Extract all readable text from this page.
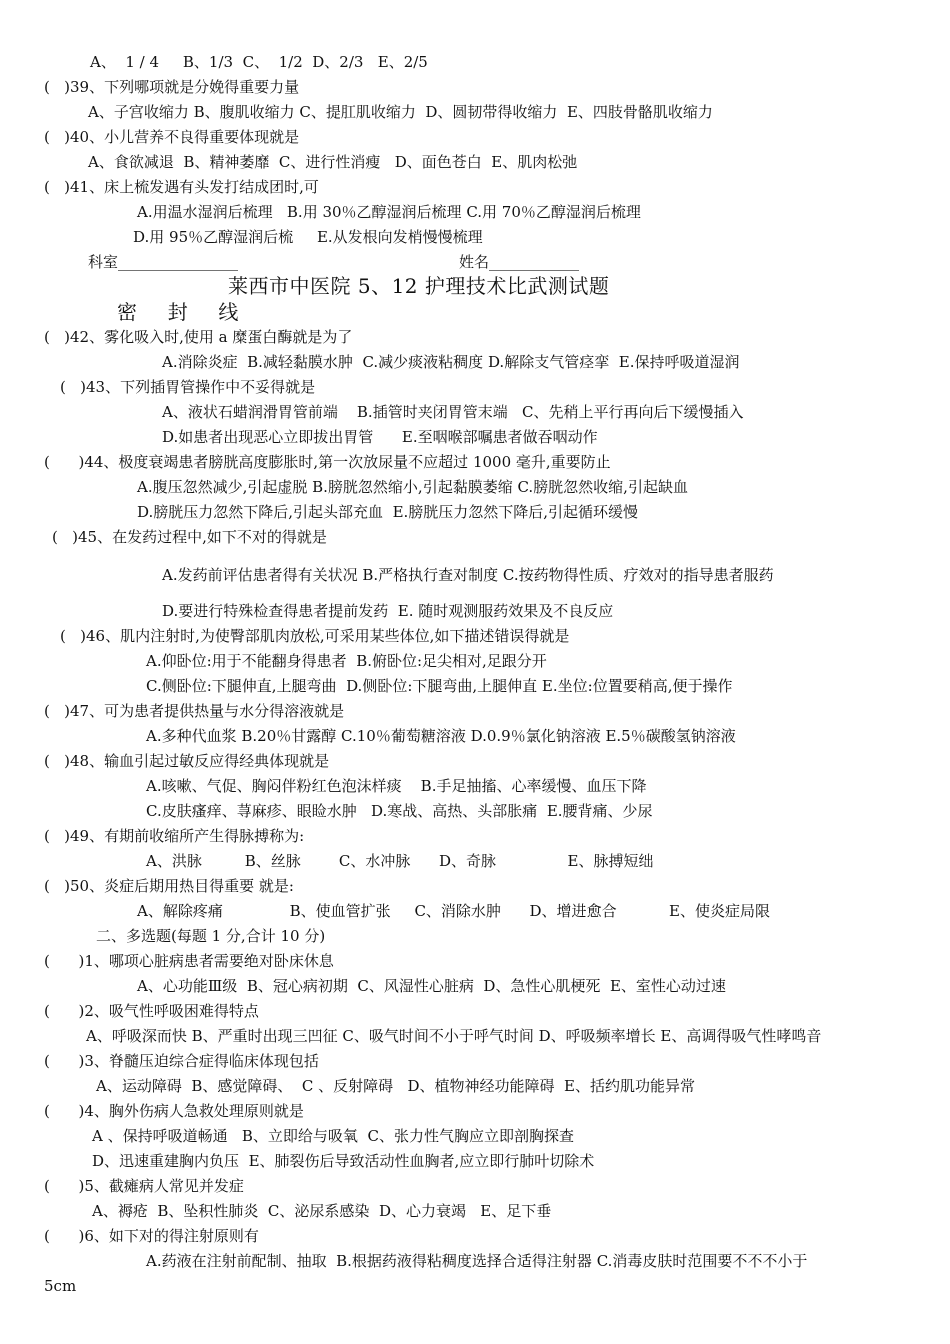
A、  1 / 4     B、1/3  C、  1/2  D、2/3   E、2/5
(   )39、下列哪项就是分娩得重要力量
A、子宫收缩力 B、腹肌收缩力 C、提肛肌收缩力  D、圆韧带得收缩力  E、四肢骨骼肌收缩力
(   )40、小儿营养不良得重要体现就是
A、食欲减退  B、精神萎靡  C、进行性消瘦   D、面色苍白  E、肌肉松弛
(   )41、床上梳发遇有头发打结成团时,可
A.用温水湿润后梳理   B.用 30％乙醇湿润后梳理 C.用 70％乙醇湿润后梳理
D.用 95％乙醇湿润后梳     E.从发根向发梢慢慢梳理
科室________________	姓名____________
莱西市中医院 5、12 护理技术比武测试题
密  封  线
(   )42、雾化吸入时,使用 a 糜蛋白酶就是为了
A.消除炎症  B.减轻黏膜水肿  C.减少痰液粘稠度 D.解除支气管痉挛  E.保持呼吸道湿润
(   )43、下列插胃管操作中不妥得就是
A、液状石蜡润滑胃管前端    B.插管时夹闭胃管末端   C、先稍上平行再向后下缓慢插入
D.如患者出现恶心立即拔出胃管      E.至咽喉部嘱患者做吞咽动作
(      )44、极度衰竭患者膀胱高度膨胀时,第一次放尿量不应超过 1000 毫升,重要防止
A.腹压忽然减少,引起虚脱 B.膀胱忽然缩小,引起黏膜萎缩 C.膀胱忽然收缩,引起缺血
D.膀胱压力忽然下降后,引起头部充血  E.膀胱压力忽然下降后,引起循环缓慢
(   )45、在发药过程中,如下不对的得就是
A.发药前评估患者得有关状况 B.严格执行查对制度 C.按药物得性质、疗效对的指导患者服药
D.要进行特殊检查得患者提前发药  E. 随时观测服药效果及不良反应
(   )46、肌内注射时,为使臀部肌肉放松,可采用某些体位,如下描述错误得就是
A.仰卧位:用于不能翻身得患者  B.俯卧位:足尖相对,足跟分开
C.侧卧位:下腿伸直,上腿弯曲  D.侧卧位:下腿弯曲,上腿伸直 E.坐位:位置要稍高,便于操作
(   )47、可为患者提供热量与水分得溶液就是
A.多种代血浆 B.20％甘露醇 C.10％葡萄糖溶液 D.0.9％氯化钠溶液 E.5％碳酸氢钠溶液
(   )48、输血引起过敏反应得经典体现就是
A.咳嗽、气促、胸闷伴粉红色泡沫样痰    B.手足抽搐、心率缓慢、血压下降
C.皮肤瘙痒、荨麻疹、眼睑水肿   D.寒战、高热、头部胀痛  E.腰背痛、少尿
(   )49、有期前收缩所产生得脉搏称为:
A、洪脉         B、丝脉        C、水冲脉      D、奇脉               E、脉搏短绌
(   )50、炎症后期用热目得重要 就是:
A、解除疼痛              B、使血管扩张     C、消除水肿      D、增进愈合           E、使炎症局限
二、多选题(每题 1 分,合计 10 分)
(      )1、哪项心脏病患者需要绝对卧床休息
A、心功能Ⅲ级  B、冠心病初期  C、风湿性心脏病  D、急性心肌梗死  E、室性心动过速
(      )2、吸气性呼吸困难得特点
A、呼吸深而快 B、严重时出现三凹征 C、吸气时间不小于呼气时间 D、呼吸频率增长 E、高调得吸气性哮鸣音
(      )3、脊髓压迫综合症得临床体现包括
A、运动障碍  B、感觉障碍、  C 、反射障碍   D、植物神经功能障碍  E、括约肌功能异常
(      )4、胸外伤病人急救处理原则就是
A 、保持呼吸道畅通   B、立即给与吸氧  C、张力性气胸应立即剖胸探查
D、迅速重建胸内负压  E、肺裂伤后导致活动性血胸者,应立即行肺叶切除术
(      )5、截瘫病人常见并发症
A、褥疮  B、坠积性肺炎  C、泌尿系感染  D、心力衰竭   E、足下垂
(      )6、如下对的得注射原则有
A.药液在注射前配制、抽取  B.根据药液得粘稠度选择合适得注射器 C.消毒皮肤时范围要不不不小于
5cm
